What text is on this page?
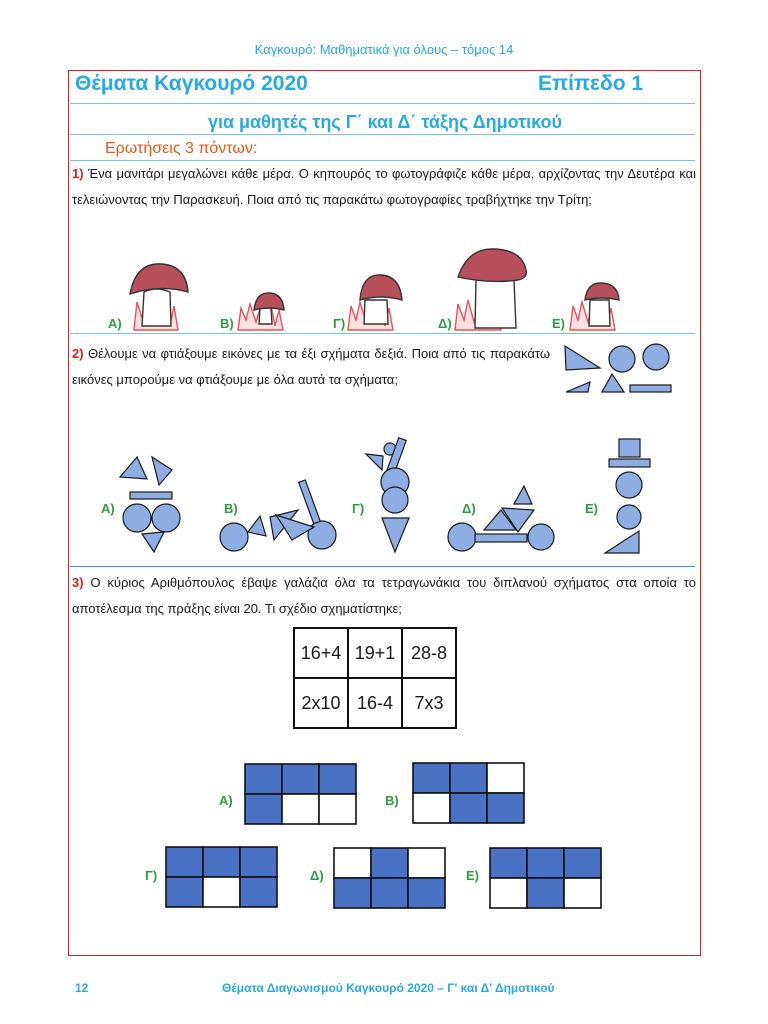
Καγκουρό: Μαθηματικά για όλους – τόμος 14
Θέματα Καγκουρό 2020	Επίπεδο 1
για μαθητές της Γ΄ και Δ΄ τάξης Δημοτικού
Ερωτήσεις 3 πόντων:
1) Ένα μανιτάρι μεγαλώνει κάθε μέρα. Ο κηπουρός το φωτογράφιζε κάθε μέρα, αρχίζοντας την Δευτέρα και τελειώνοντας την Παρασκευή. Ποια από τις παρακάτω φωτογραφίες τραβήχτηκε την Τρίτη;
Α)	Β)	Γ)	Δ)	Ε)
2) Θέλουμε να φτιάξουμε εικόνες με τα έξι σχήματα δεξιά. Ποια από τις παρακάτω εικόνες μπορούμε να φτιάξουμε με όλα αυτά τα σχήματα;
Α)	Β)	Γ)	Δ)	Ε)
3) Ο κύριος Αριθμόπουλος έβαψε γαλάζια όλα τα τετραγωνάκια του διπλανού σχήματος στα οποία το αποτέλεσμα της πράξης είναι 20. Τι σχέδιο σχηματίστηκε;
16+4	19+1	28-8
2x10	16-4	7x3
Α)	Β)
Γ)	Δ)	Ε)
12	Θέματα Διαγωνισμού Καγκουρό 2020 – Γ' και Δ' Δημοτικού
